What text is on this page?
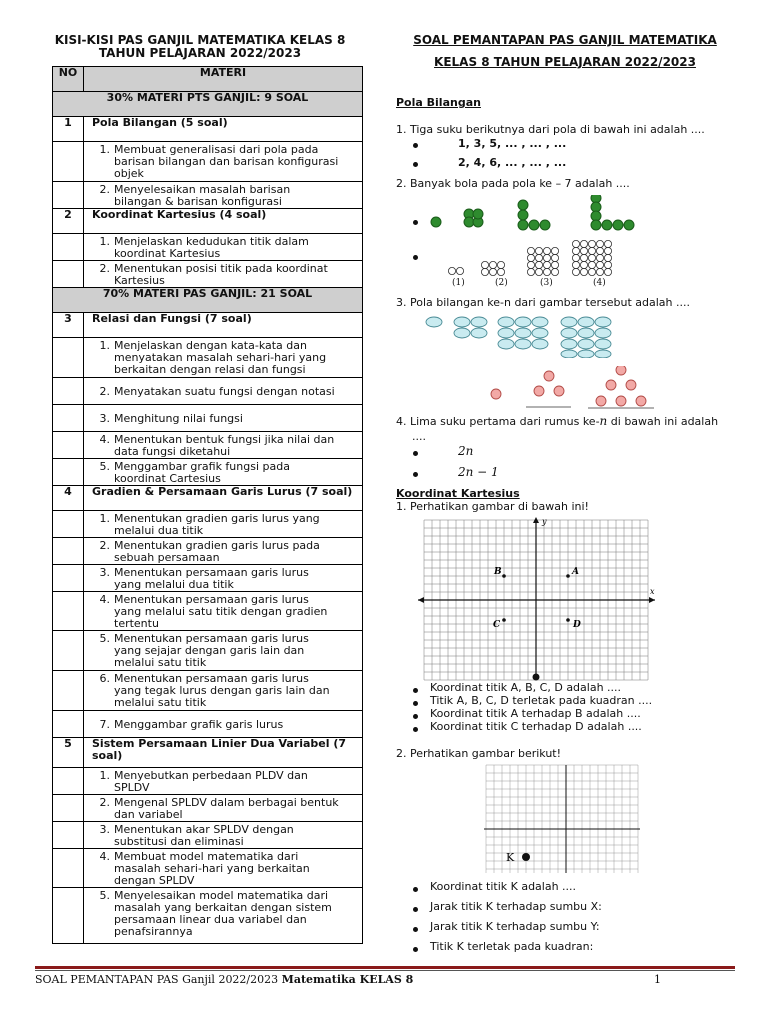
KISI-KISI PAS GANJIL MATEMATIKA KELAS 8
TAHUN PELAJARAN 2022/2023
NO	MATERI
30% MATERI PTS GANJIL: 9 SOAL	
1	Pola Bilangan (5 soal)
	1. Membuat generalisasi dari pola pada barisan bilangan dan barisan konfigurasi objek
	2. Menyelesaikan masalah barisan bilangan & barisan konfigurasi
2	Koordinat Kartesius (4 soal)
	1. Menjelaskan kedudukan titik dalam koordinat Kartesius
	2. Menentukan posisi titik pada koordinat Kartesius
70% MATERI PAS GANJIL: 21 SOAL	
3	Relasi dan Fungsi (7 soal)
	1. Menjelaskan dengan kata-kata dan menyatakan masalah sehari-hari yang berkaitan dengan relasi dan fungsi
	2. Menyatakan suatu fungsi dengan notasi
	3. Menghitung nilai fungsi
	4. Menentukan bentuk fungsi jika nilai dan data fungsi diketahui
	5. Menggambar grafik fungsi pada koordinat Cartesius
4	Gradien & Persamaan Garis Lurus (7 soal)
	1. Menentukan gradien garis lurus yang melalui dua titik
	2. Menentukan gradien garis lurus pada sebuah persamaan
	3. Menentukan persamaan garis lurus yang melalui dua titik
	4. Menentukan persamaan garis lurus yang melalui satu titik dengan gradien tertentu
	5. Menentukan persamaan garis lurus yang sejajar dengan garis lain dan melalui satu titik
	6. Menentukan persamaan garis lurus yang tegak lurus dengan garis lain dan melalui satu titik
	7. Menggambar grafik garis lurus
5	Sistem Persamaan Linier Dua Variabel (7 soal)
	1. Menyebutkan perbedaan PLDV dan SPLDV
	2. Mengenal SPLDV dalam berbagai bentuk dan variabel
	3. Menentukan akar SPLDV dengan substitusi dan eliminasi
	4. Membuat model matematika dari masalah sehari-hari yang berkaitan dengan SPLDV
	5. Menyelesaikan model matematika dari masalah yang berkaitan dengan sistem persamaan linear dua variabel dan penafsirannya
SOAL PEMANTAPAN PAS GANJIL MATEMATIKA
KELAS 8 TAHUN PELAJARAN 2022/2023
Pola Bilangan
1. Tiga suku berikutnya dari pola di bawah ini adalah ....
1, 3, 5, ... , ... , ...
2, 4, 6, ... , ... , ...
2. Banyak bola pada pola ke – 7 adalah ....
(1)	(2)	(3)	(4)
3. Pola bilangan ke-n dari gambar tersebut adalah ....
4. Lima suku pertama dari rumus ke-n di bawah ini adalah
....
2n
2n − 1
Koordinat Kartesius
1. Perhatikan gambar di bawah ini!
B	A
C	D
x
y
Koordinat titik A, B, C, D adalah ....
Titik A, B, C, D terletak pada kuadran ....
Koordinat titik A terhadap B adalah ....
Koordinat titik C terhadap D adalah ....
2. Perhatikan gambar berikut!
K
Koordinat titik K adalah ....
Jarak titik K terhadap sumbu X:
Jarak titik K terhadap sumbu Y:
Titik K terletak pada kuadran:
SOAL PEMANTAPAN PAS Ganjil 2022/2023 Matematika KELAS 8	1
